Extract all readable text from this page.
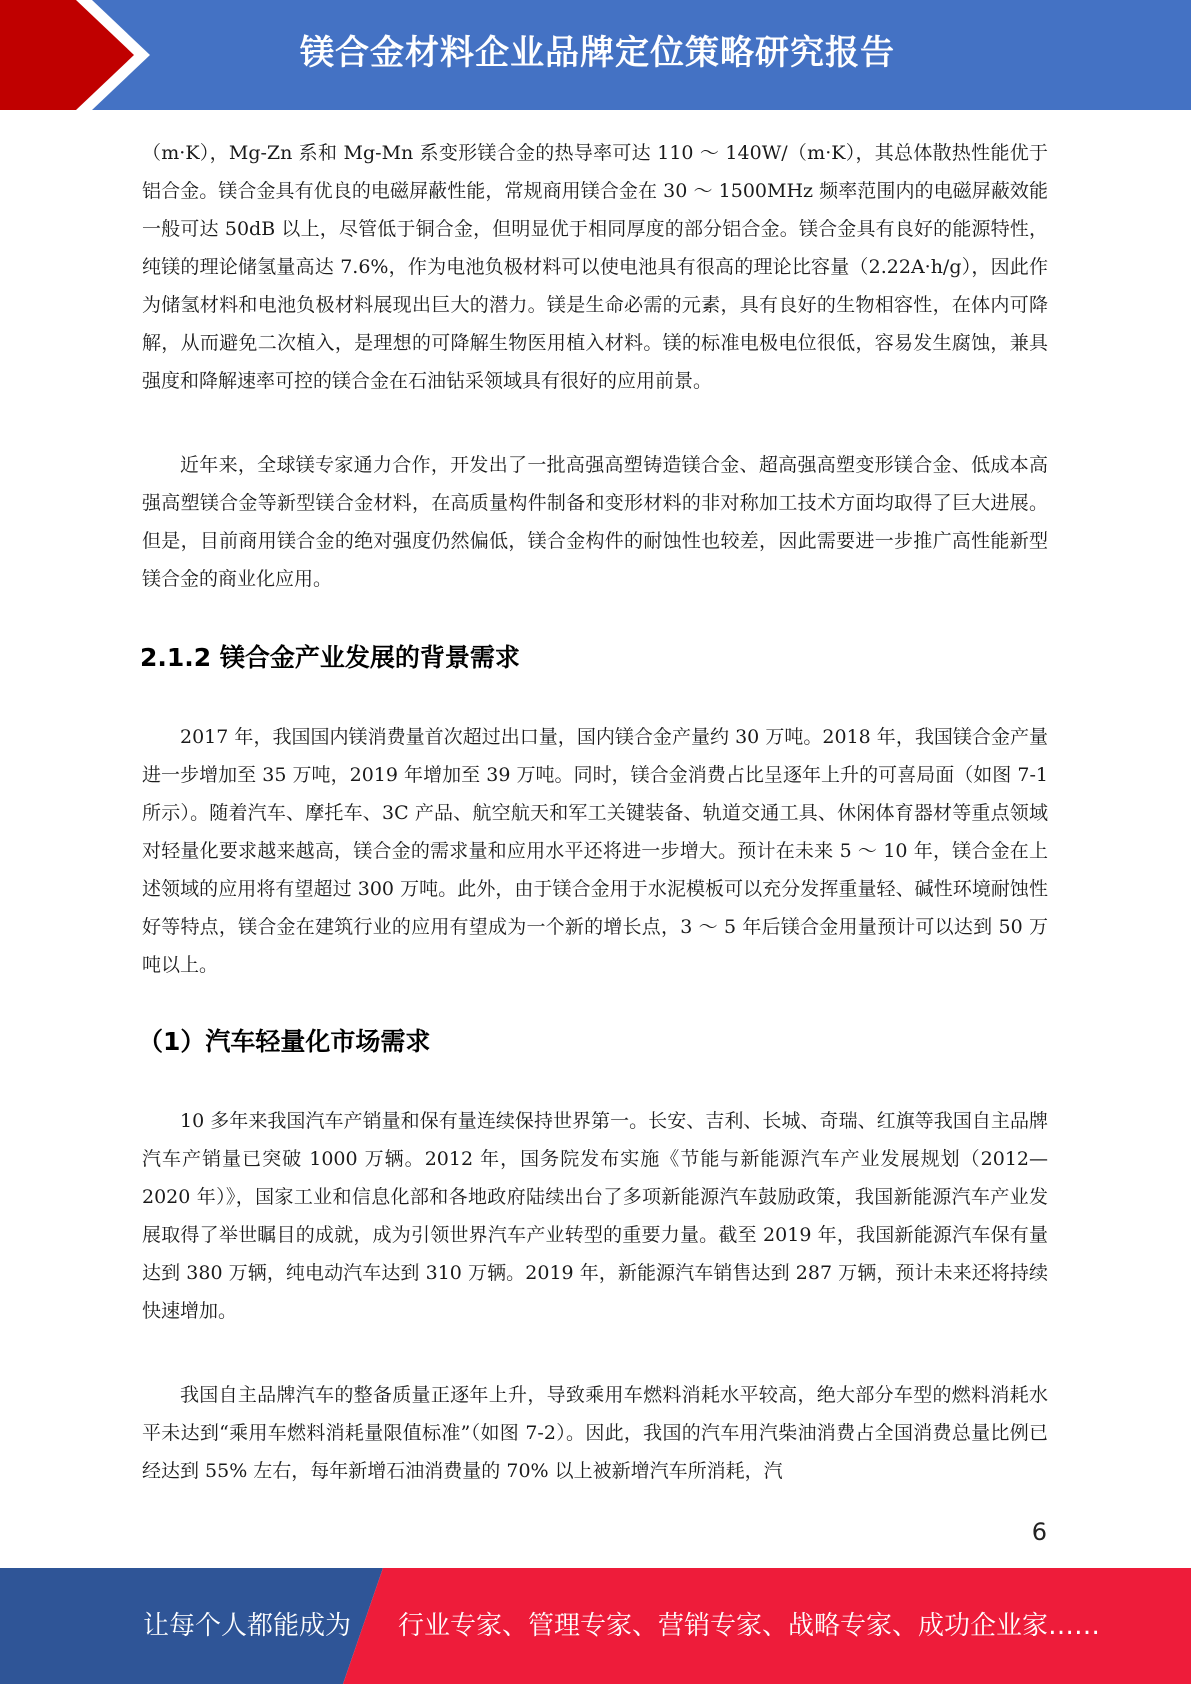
镁合金材料企业品牌定位策略研究报告

（m·K），Mg-Zn 系和 Mg-Mn 系变形镁合金的热导率可达 110 ～ 140W/（m·K），其总体散热性能优于铝合金。镁合金具有优良的电磁屏蔽性能，常规商用镁合金在 30 ～ 1500MHz 频率范围内的电磁屏蔽效能一般可达 50dB 以上，尽管低于铜合金，但明显优于相同厚度的部分铝合金。镁合金具有良好的能源特性，纯镁的理论储氢量高达 7.6%，作为电池负极材料可以使电池具有很高的理论比容量（2.22A·h/g），因此作为储氢材料和电池负极材料展现出巨大的潜力。镁是生命必需的元素，具有良好的生物相容性，在体内可降解，从而避免二次植入，是理想的可降解生物医用植入材料。镁的标准电极电位很低，容易发生腐蚀，兼具强度和降解速率可控的镁合金在石油钻采领域具有很好的应用前景。

近年来，全球镁专家通力合作，开发出了一批高强高塑铸造镁合金、超高强高塑变形镁合金、低成本高强高塑镁合金等新型镁合金材料，在高质量构件制备和变形材料的非对称加工技术方面均取得了巨大进展。但是，目前商用镁合金的绝对强度仍然偏低，镁合金构件的耐蚀性也较差，因此需要进一步推广高性能新型镁合金的商业化应用。

2.1.2 镁合金产业发展的背景需求

2017 年，我国国内镁消费量首次超过出口量，国内镁合金产量约 30 万吨。2018 年，我国镁合金产量进一步增加至 35 万吨，2019 年增加至 39 万吨。同时，镁合金消费占比呈逐年上升的可喜局面（如图 7-1 所示）。随着汽车、摩托车、3C 产品、航空航天和军工关键装备、轨道交通工具、休闲体育器材等重点领域对轻量化要求越来越高，镁合金的需求量和应用水平还将进一步增大。预计在未来 5 ～ 10 年，镁合金在上述领域的应用将有望超过 300 万吨。此外，由于镁合金用于水泥模板可以充分发挥重量轻、碱性环境耐蚀性好等特点，镁合金在建筑行业的应用有望成为一个新的增长点，3 ～ 5 年后镁合金用量预计可以达到 50 万吨以上。

（1）汽车轻量化市场需求

10 多年来我国汽车产销量和保有量连续保持世界第一。长安、吉利、长城、奇瑞、红旗等我国自主品牌汽车产销量已突破 1000 万辆。2012 年，国务院发布实施《节能与新能源汽车产业发展规划（2012—2020 年）》，国家工业和信息化部和各地政府陆续出台了多项新能源汽车鼓励政策，我国新能源汽车产业发展取得了举世瞩目的成就，成为引领世界汽车产业转型的重要力量。截至 2019 年，我国新能源汽车保有量达到 380 万辆，纯电动汽车达到 310 万辆。2019 年，新能源汽车销售达到 287 万辆，预计未来还将持续快速增加。

我国自主品牌汽车的整备质量正逐年上升，导致乘用车燃料消耗水平较高，绝大部分车型的燃料消耗水平未达到“乘用车燃料消耗量限值标准”（如图 7-2）。因此，我国的汽车用汽柴油消费占全国消费总量比例已经达到 55% 左右，每年新增石油消费量的 70% 以上被新增汽车所消耗，汽

6
让每个人都能成为 行业专家、管理专家、营销专家、战略专家、成功企业家……
